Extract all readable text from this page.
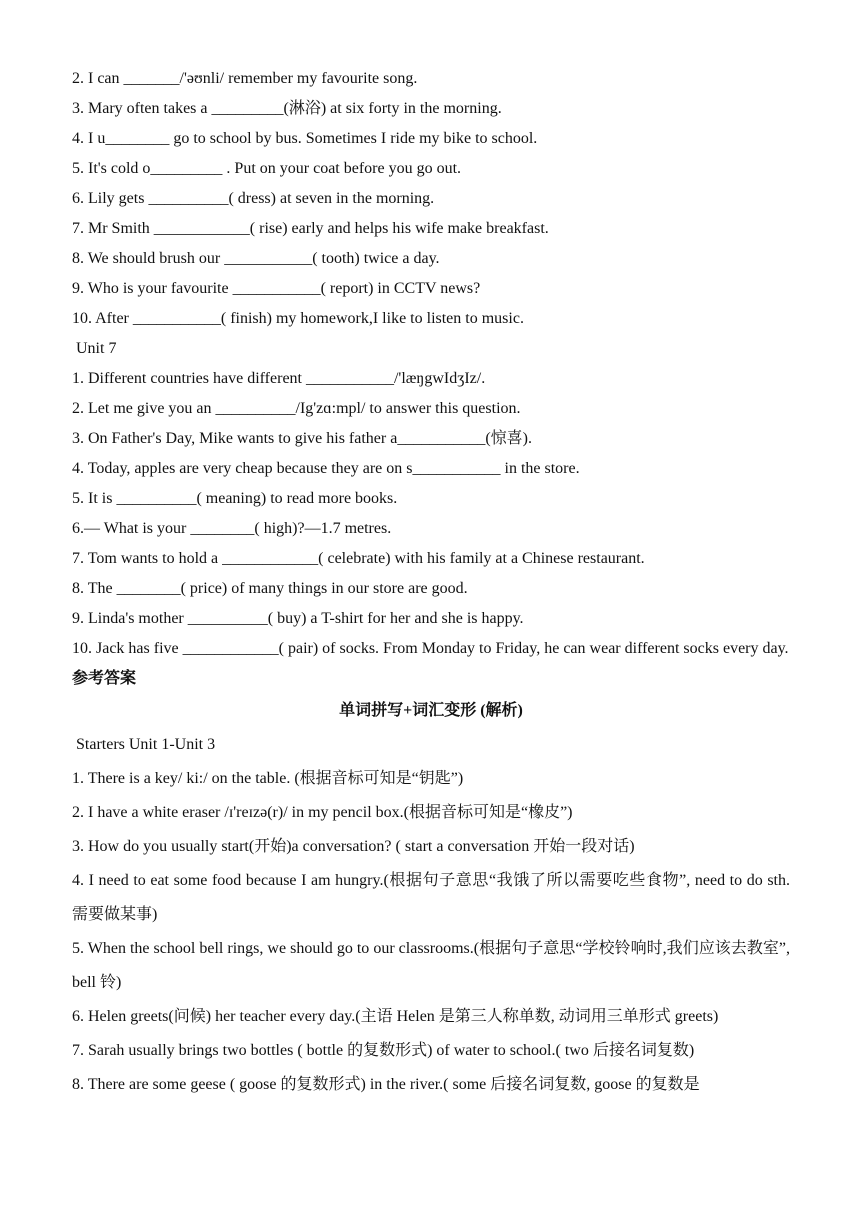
2. I can _______/'əʊnli/ remember my favourite song.

3. Mary often takes a _________(淋浴) at six forty in the morning.

4. I u________ go to school by bus. Sometimes I ride my bike to school.

5. It's cold o_________ . Put on your coat before you go out.

6. Lily gets __________( dress) at seven in the morning.

7. Mr Smith ____________( rise) early and helps his wife make breakfast.

8. We should brush our ___________( tooth) twice a day.

9. Who is your favourite ___________( report) in CCTV news?

10. After ___________( finish) my homework,I like to listen to music.

Unit 7

1. Different countries have different ___________/'læŋgwIdʒIz/.

2. Let me give you an __________/Ig'zɑ:mpl/ to answer this question.

3. On Father's Day, Mike wants to give his father a___________(惊喜).

4. Today, apples are very cheap because they are on s___________ in the store.

5. It is __________( meaning) to read more books.

6.— What is your ________( high)?—1.7 metres.

7. Tom wants to hold a ____________( celebrate) with his family at a Chinese restaurant.

8. The ________( price) of many things in our store are good.

9. Linda's mother __________( buy) a T-shirt for her and she is happy.

10. Jack has five ____________( pair) of socks. From Monday to Friday, he can wear different socks every day.

参考答案

单词拼写+词汇变形 (解析)

Starters Unit 1-Unit 3

1. There is a key/ ki:/ on the table. (根据音标可知是“钥匙”)

2. I have a white eraser /ɪ'reɪzə(r)/ in my pencil box.(根据音标可知是“橡皮”)

3. How do you usually start(开始)a conversation? ( start a conversation 开始一段对话)

4. I need to eat some food because I am hungry.(根据句子意思“我饿了所以需要吃些食物”, need to do sth. 需要做某事)

5. When the school bell rings, we should go to our classrooms.(根据句子意思“学校铃响时,我们应该去教室”, bell 铃)

6. Helen greets(问候) her teacher every day.(主语 Helen 是第三人称单数, 动词用三单形式 greets)

7. Sarah usually brings two bottles ( bottle 的复数形式) of water to school.( two 后接名词复数)

8. There are some geese ( goose 的复数形式) in the river.( some 后接名词复数, goose 的复数是
